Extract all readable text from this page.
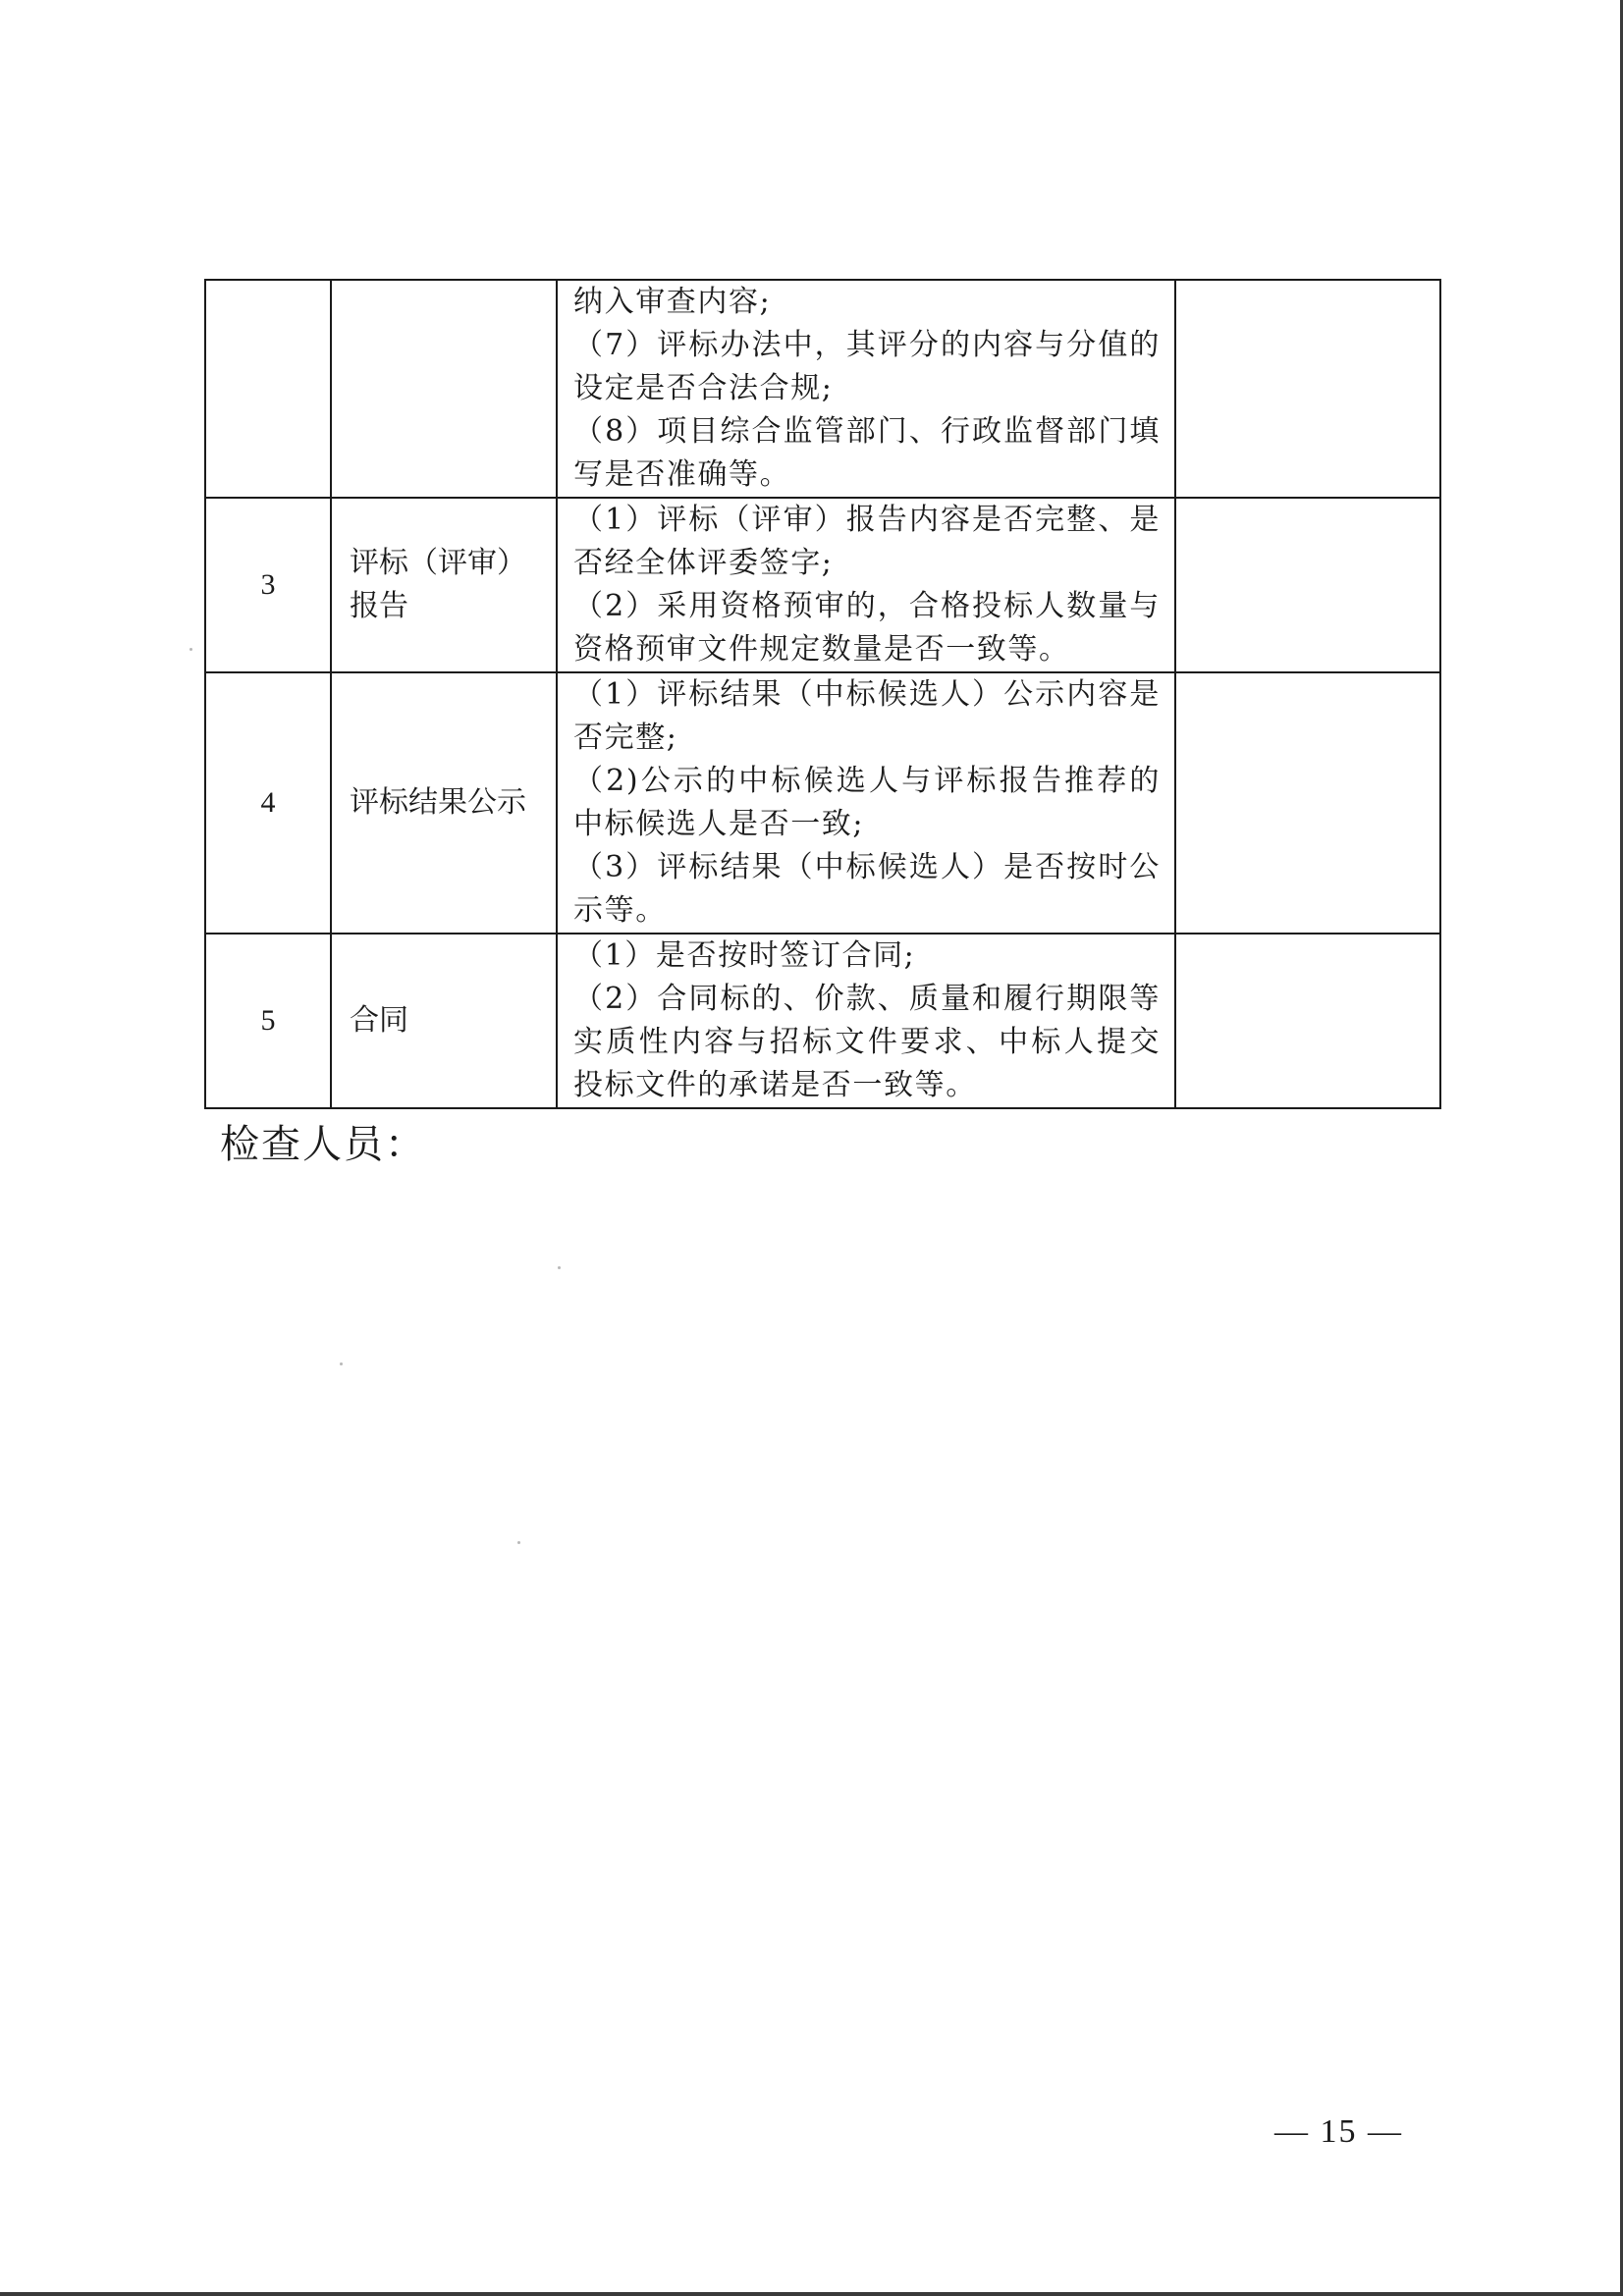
		纳入审查内容;
（7）评标办法中，其评分的内容与分值的设定是否合法合规;
（8）项目综合监管部门、行政监督部门填写是否准确等。	

3	评标（评审）报告	（1）评标（评审）报告内容是否完整、是否经全体评委签字;
（2）采用资格预审的，合格投标人数量与资格预审文件规定数量是否一致等。	

4	评标结果公示	（1）评标结果（中标候选人）公示内容是否完整;
（2)公示的中标候选人与评标报告推荐的中标候选人是否一致;
（3）评标结果（中标候选人）是否按时公示等。	

5	合同	（1）是否按时签订合同;
（2）合同标的、价款、质量和履行期限等实质性内容与招标文件要求、中标人提交投标文件的承诺是否一致等。	

检查人员：
— 15 —
